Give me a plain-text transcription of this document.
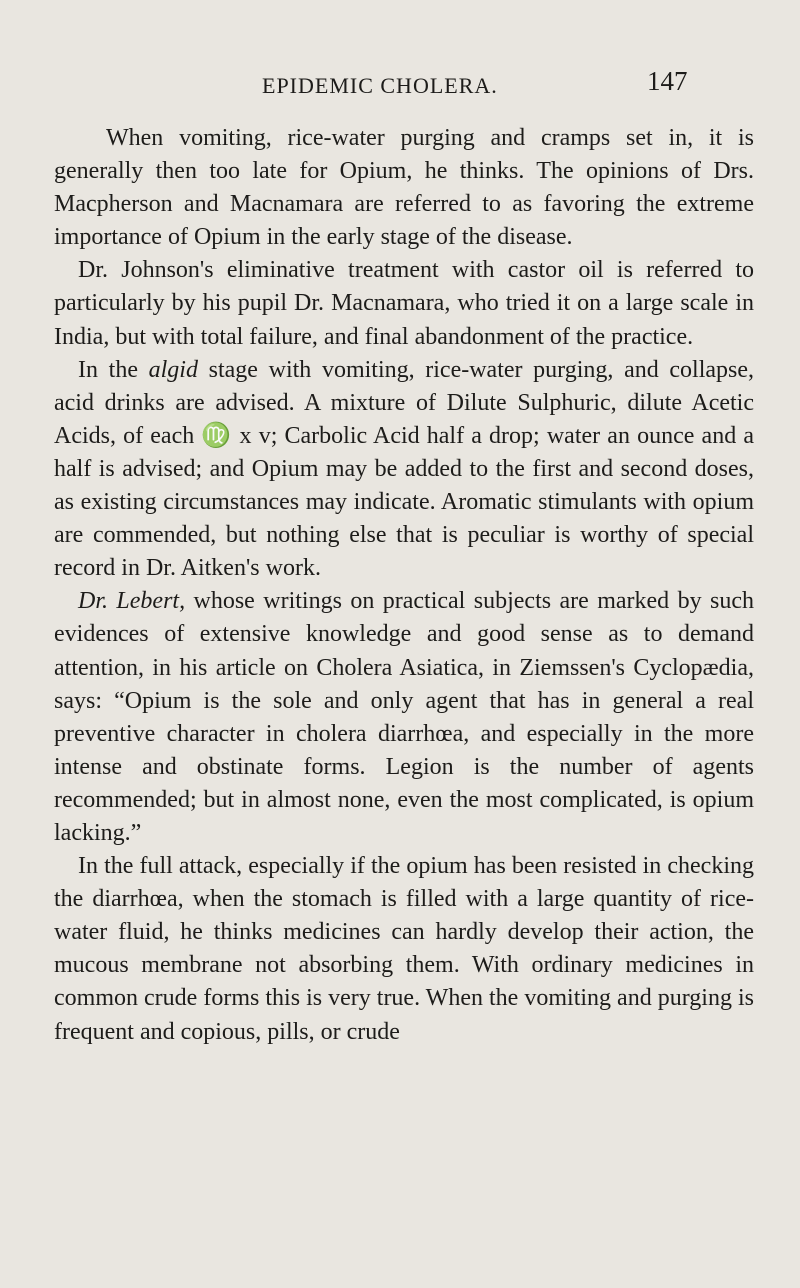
EPIDEMIC CHOLERA.	147

When vomiting, rice-water purging and cramps set in, it is generally then too late for Opium, he thinks. The opinions of Drs. Macpherson and Macnamara are referred to as favoring the extreme importance of Opium in the early stage of the disease.

Dr. Johnson's eliminative treatment with castor oil is referred to particularly by his pupil Dr. Macnamara, who tried it on a large scale in India, but with total failure, and final abandonment of the practice.

In the algid stage with vomiting, rice-water purging, and collapse, acid drinks are advised. A mixture of Dilute Sulphuric, dilute Acetic Acids, of each ♍ x v; Carbolic Acid half a drop; water an ounce and a half is advised; and Opium may be added to the first and second doses, as existing circumstances may indicate. Aromatic stimulants with opium are commended, but nothing else that is peculiar is worthy of special record in Dr. Aitken's work.

Dr. Lebert, whose writings on practical subjects are marked by such evidences of extensive knowledge and good sense as to demand attention, in his article on Cholera Asiatica, in Ziemssen's Cyclopædia, says: “Opium is the sole and only agent that has in general a real preventive character in cholera diarrhœa, and especially in the more intense and obstinate forms. Legion is the number of agents recommended; but in almost none, even the most complicated, is opium lacking.”

In the full attack, especially if the opium has been resisted in checking the diarrhœa, when the stomach is filled with a large quantity of rice-water fluid, he thinks medicines can hardly develop their action, the mucous membrane not absorbing them. With ordinary medicines in common crude forms this is very true. When the vomiting and purging is frequent and copious, pills, or crude
